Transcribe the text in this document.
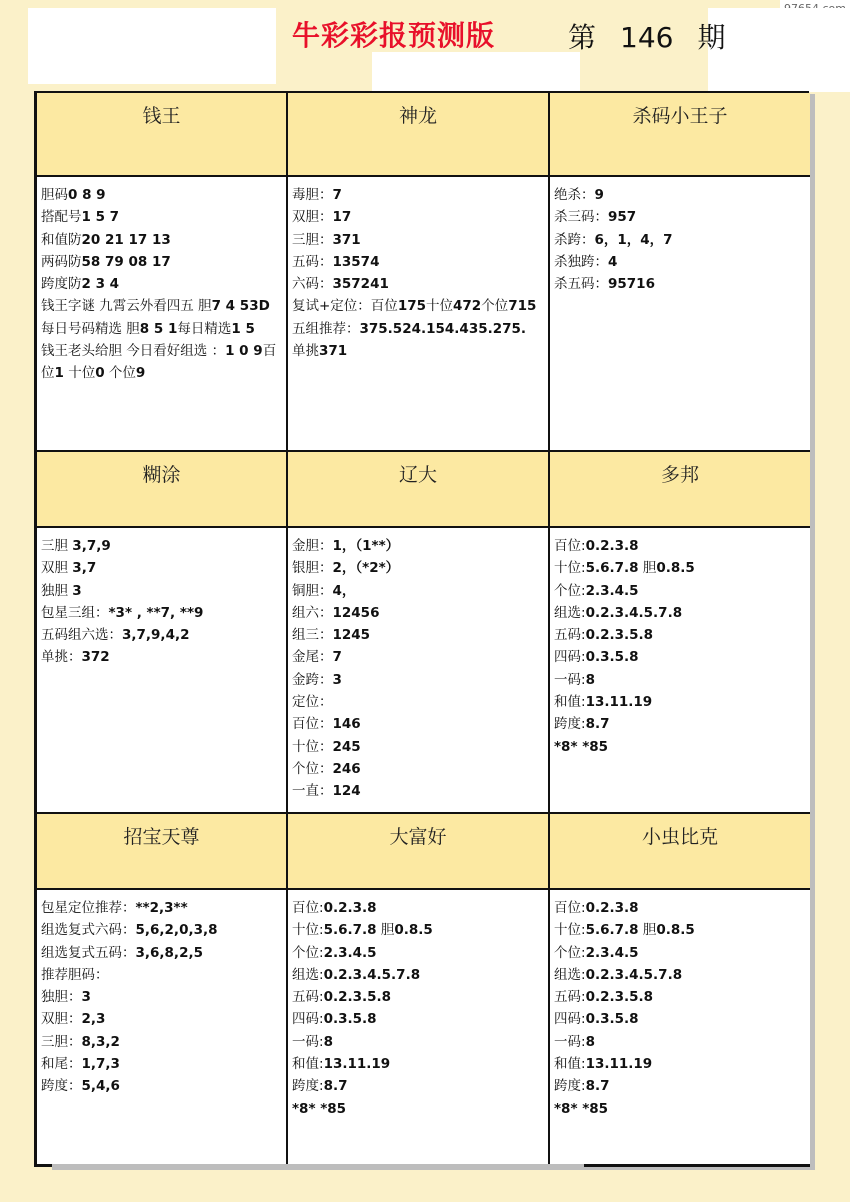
牛彩彩报预测版	第 146 期
钱王	神龙	杀码小王子
胆码0 8 9
搭配号1 5 7
和值防20 21 17 13
两码防58 79 08 17
跨度防2 3 4
钱王字谜 九霄云外看四五 胆7 4 53D 每日号码精选 胆8 5 1每日精选1 5
钱王老头给胆 今日看好组选 ：1 0 9百位1 十位0 个位9
毒胆：7
双胆：17
三胆：371
五码：13574
六码：357241
复试+定位：百位175十位472个位715
五组推荐：375.524.154.435.275.
单挑371
绝杀：9
杀三码：957
杀跨：6，1，4，7
杀独跨：4
杀五码：95716
糊涂	辽大	多邦
三胆 3,7,9
双胆 3,7
独胆 3
包星三组：*3* , **7, **9
五码组六选：3,7,9,4,2
单挑：372
金胆：1，（1**）
银胆：2，（*2*）
铜胆：4，
组六：12456
组三：1245
金尾：7
金跨：3
定位：
百位：146
十位：245
个位：246
一直：124
百位:0.2.3.8
十位:5.6.7.8 胆0.8.5
个位:2.3.4.5
组选:0.2.3.4.5.7.8
五码:0.2.3.5.8
四码:0.3.5.8
一码:8
和值:13.11.19
跨度:8.7
*8* *85
招宝天尊	大富好	小虫比克
包星定位推荐：**2,3**
组选复式六码：5,6,2,0,3,8
组选复式五码：3,6,8,2,5
推荐胆码：
独胆：3
双胆：2,3
三胆：8,3,2
和尾：1,7,3
跨度：5,4,6
百位:0.2.3.8
十位:5.6.7.8 胆0.8.5
个位:2.3.4.5
组选:0.2.3.4.5.7.8
五码:0.2.3.5.8
四码:0.3.5.8
一码:8
和值:13.11.19
跨度:8.7
*8* *85
百位:0.2.3.8
十位:5.6.7.8 胆0.8.5
个位:2.3.4.5
组选:0.2.3.4.5.7.8
五码:0.2.3.5.8
四码:0.3.5.8
一码:8
和值:13.11.19
跨度:8.7
*8* *85
